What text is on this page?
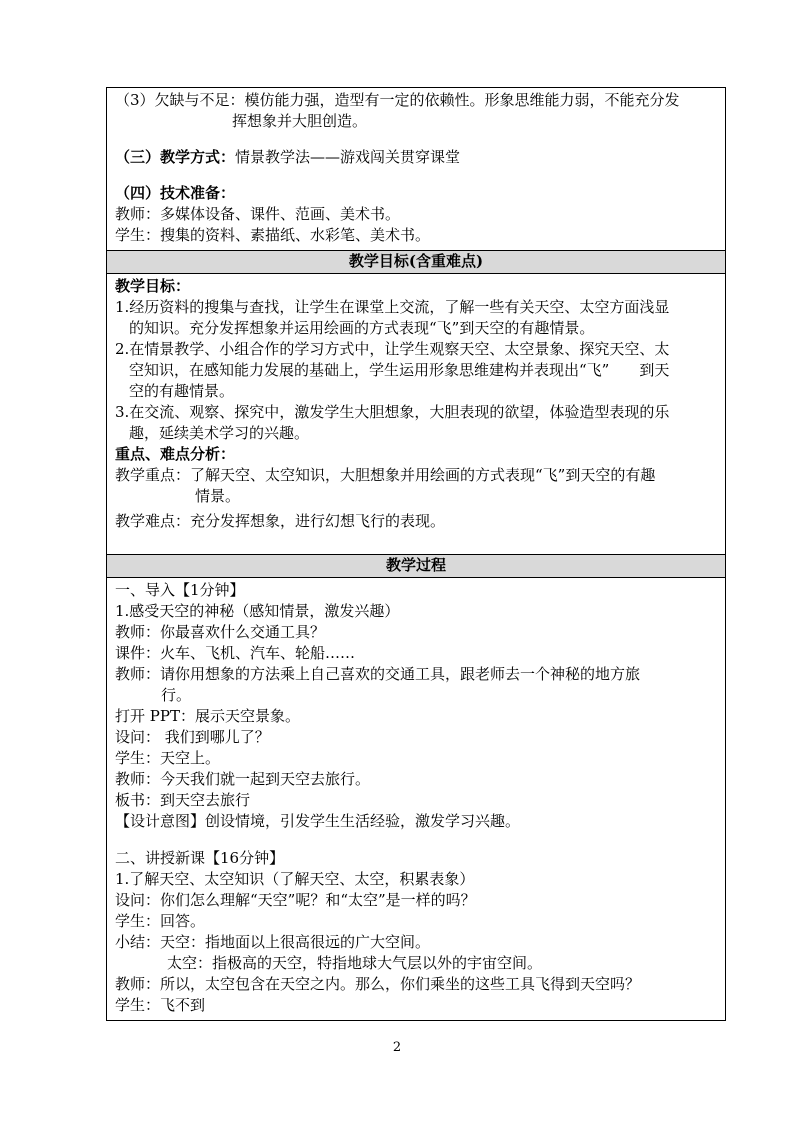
（3）欠缺与不足：模仿能力强，造型有一定的依赖性。形象思维能力弱，不能充分发
挥想象并大胆创造。
（三）教学方式：情景教学法——游戏闯关贯穿课堂
（四）技术准备：
教师：多媒体设备、课件、范画、美术书。
学生：搜集的资料、素描纸、水彩笔、美术书。
教学目标(含重难点)
教学目标：
1.经历资料的搜集与查找，让学生在课堂上交流，了解一些有关天空、太空方面浅显
的知识。充分发挥想象并运用绘画的方式表现“飞”到天空的有趣情景。
2.在情景教学、小组合作的学习方式中，让学生观察天空、太空景象、探究天空、太
空知识，在感知能力发展的基础上，学生运用形象思维建构并表现出“飞”　　到天
空的有趣情景。
3.在交流、观察、探究中，激发学生大胆想象，大胆表现的欲望，体验造型表现的乐
趣，延续美术学习的兴趣。
重点、难点分析：
教学重点：了解天空、太空知识，大胆想象并用绘画的方式表现“飞”到天空的有趣
情景。
教学难点：充分发挥想象，进行幻想飞行的表现。
教学过程
一、导入【1分钟】
1.感受天空的神秘（感知情景，激发兴趣）
教师：你最喜欢什么交通工具？
课件：火车、飞机、汽车、轮船……
教师：请你用想象的方法乘上自己喜欢的交通工具，跟老师去一个神秘的地方旅
行。
打开 PPT：展示天空景象。
设问： 我们到哪儿了？
学生：天空上。
教师：今天我们就一起到天空去旅行。
板书：到天空去旅行
【设计意图】创设情境，引发学生生活经验，激发学习兴趣。
二、讲授新课【16分钟】
1.了解天空、太空知识（了解天空、太空，积累表象）
设问：你们怎么理解“天空”呢？和“太空”是一样的吗？
学生：回答。
小结：天空：指地面以上很高很远的广大空间。
太空：指极高的天空，特指地球大气层以外的宇宙空间。
教师：所以，太空包含在天空之内。那么，你们乘坐的这些工具飞得到天空吗？
学生：飞不到
2
